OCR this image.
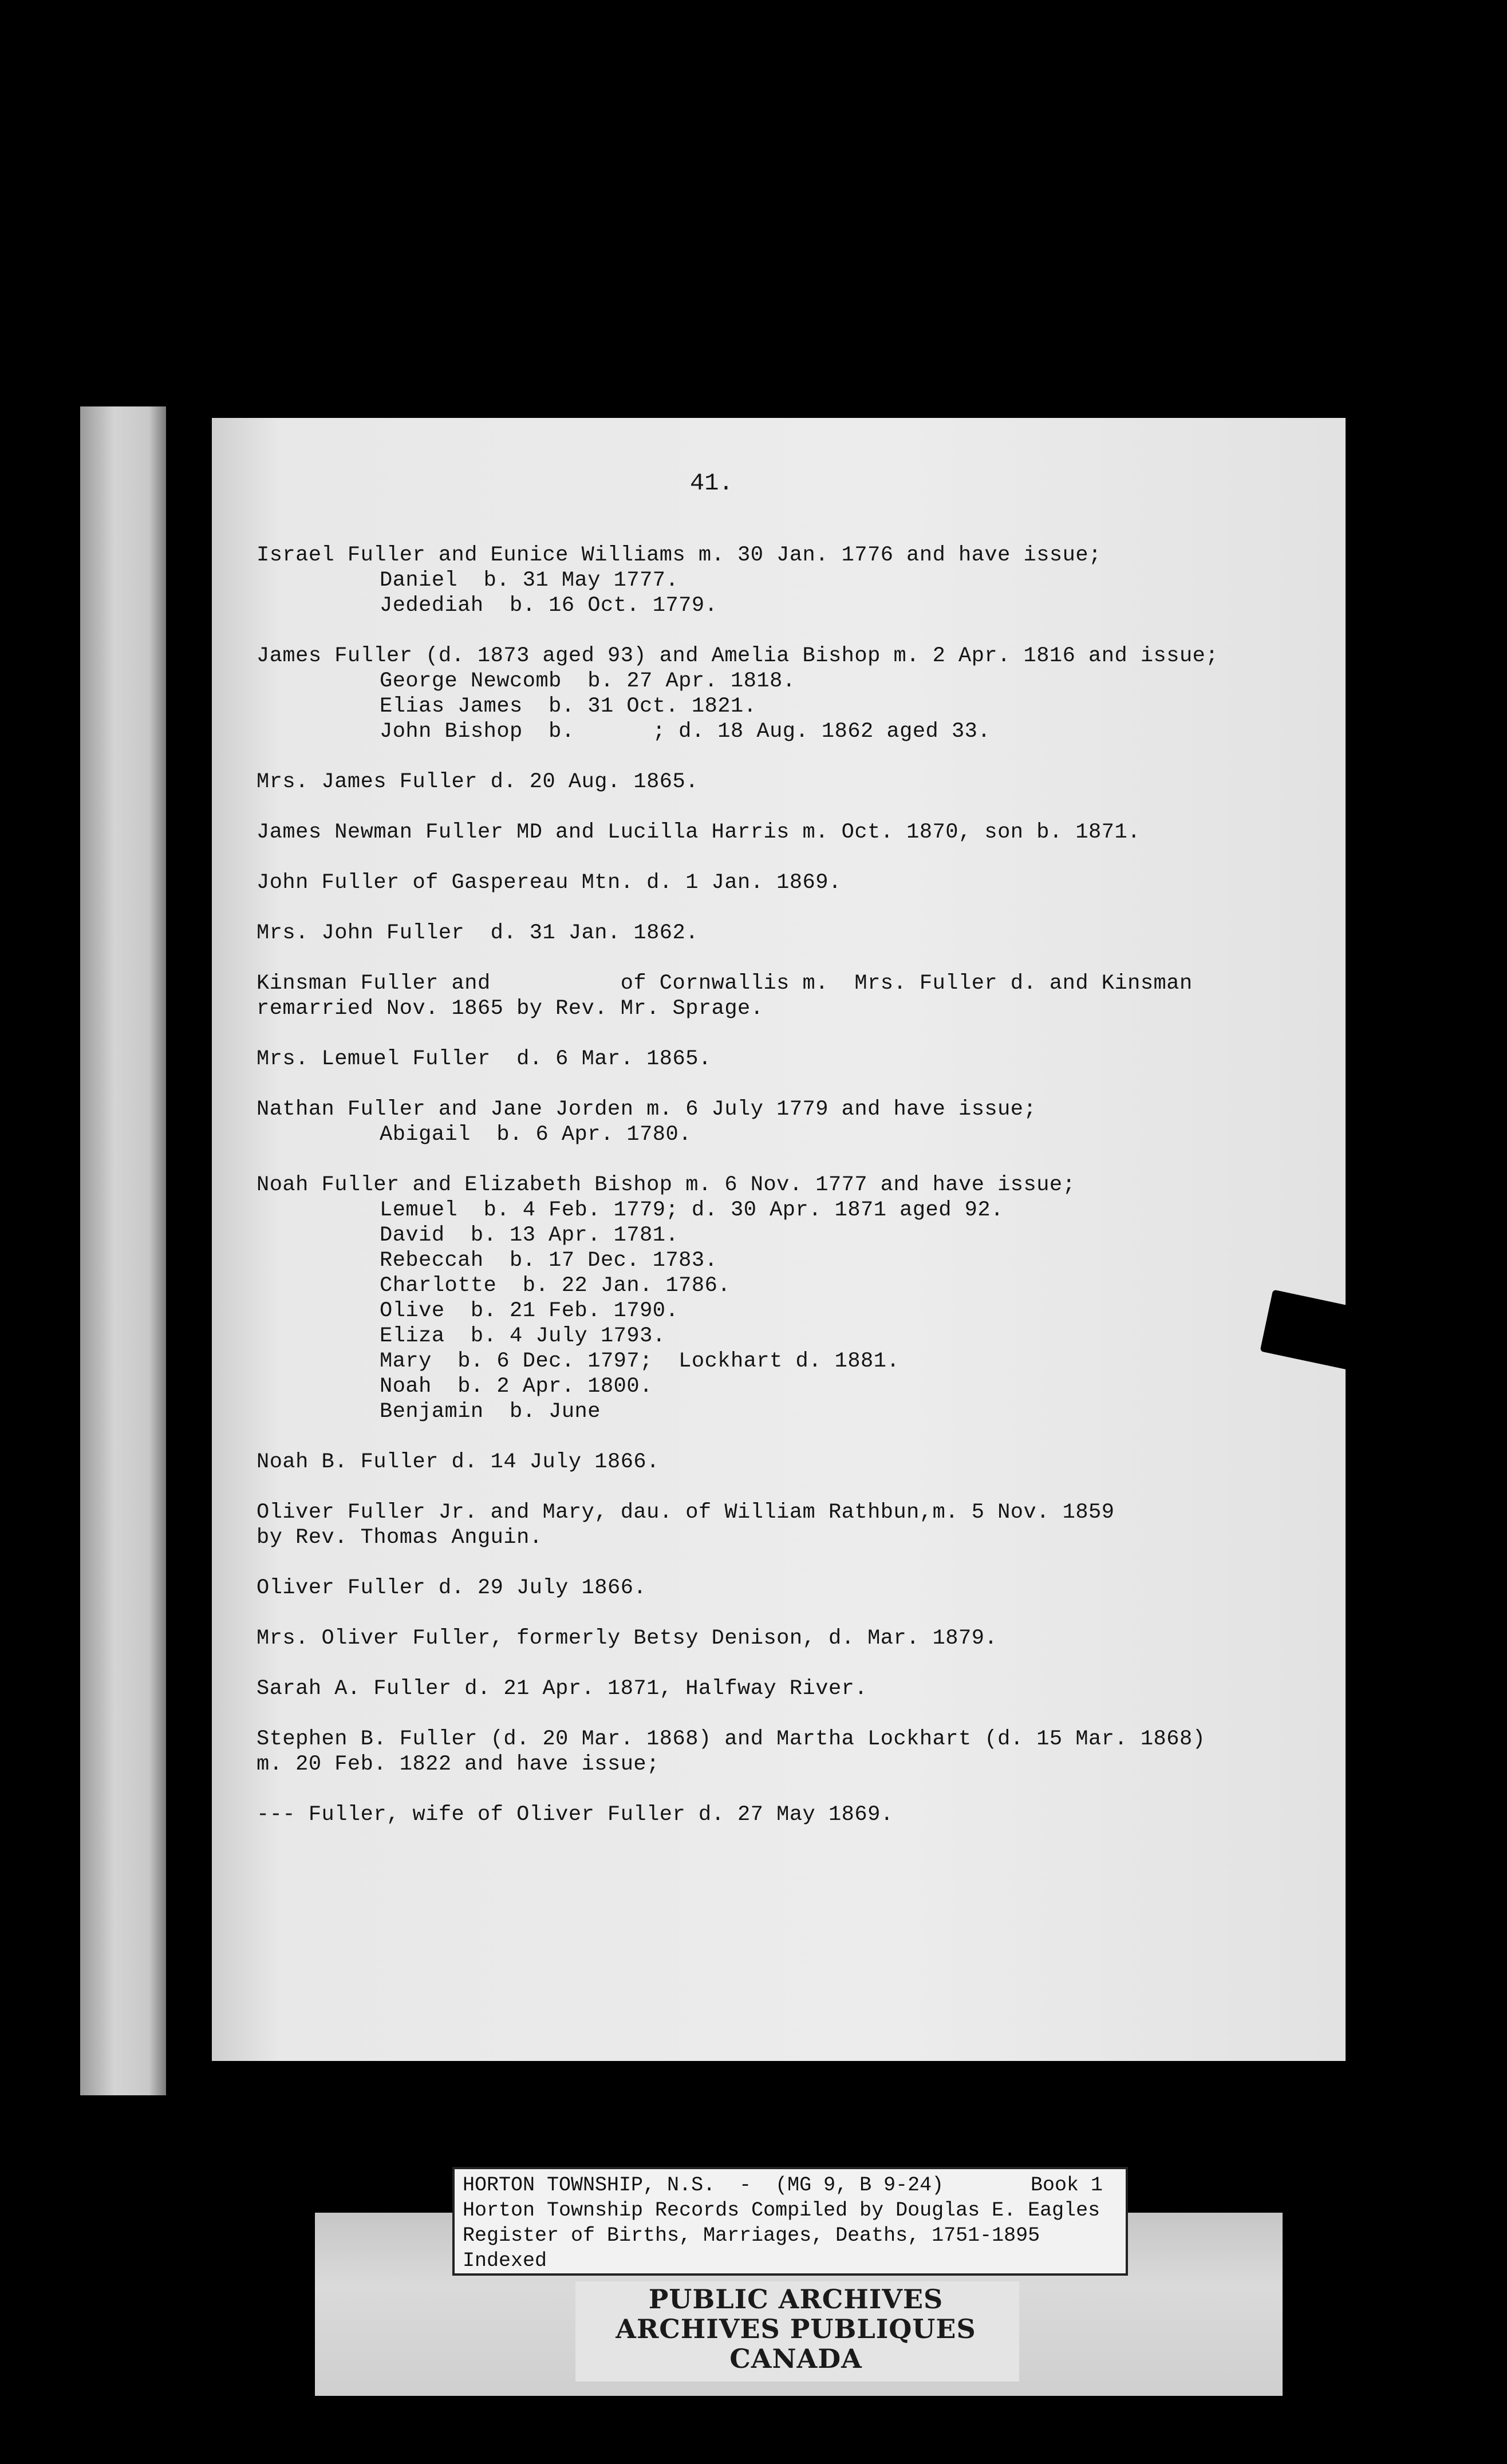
41.
Israel Fuller and Eunice Williams m. 30 Jan. 1776 and have issue;
Daniel  b. 31 May 1777.
Jedediah  b. 16 Oct. 1779.
James Fuller (d. 1873 aged 93) and Amelia Bishop m. 2 Apr. 1816 and issue;
George Newcomb  b. 27 Apr. 1818.
Elias James  b. 31 Oct. 1821.
John Bishop  b.      ; d. 18 Aug. 1862 aged 33.
Mrs. James Fuller d. 20 Aug. 1865.
James Newman Fuller MD and Lucilla Harris m. Oct. 1870, son b. 1871.
John Fuller of Gaspereau Mtn. d. 1 Jan. 1869.
Mrs. John Fuller  d. 31 Jan. 1862.
Kinsman Fuller and          of Cornwallis m.  Mrs. Fuller d. and Kinsman
remarried Nov. 1865 by Rev. Mr. Sprage.
Mrs. Lemuel Fuller  d. 6 Mar. 1865.
Nathan Fuller and Jane Jorden m. 6 July 1779 and have issue;
Abigail  b. 6 Apr. 1780.
Noah Fuller and Elizabeth Bishop m. 6 Nov. 1777 and have issue;
Lemuel  b. 4 Feb. 1779; d. 30 Apr. 1871 aged 92.
David  b. 13 Apr. 1781.
Rebeccah  b. 17 Dec. 1783.
Charlotte  b. 22 Jan. 1786.
Olive  b. 21 Feb. 1790.
Eliza  b. 4 July 1793.
Mary  b. 6 Dec. 1797;  Lockhart d. 1881.
Noah  b. 2 Apr. 1800.
Benjamin  b. June
Noah B. Fuller d. 14 July 1866.
Oliver Fuller Jr. and Mary, dau. of William Rathbun,m. 5 Nov. 1859
by Rev. Thomas Anguin.
Oliver Fuller d. 29 July 1866.
Mrs. Oliver Fuller, formerly Betsy Denison, d. Mar. 1879.
Sarah A. Fuller d. 21 Apr. 1871, Halfway River.
Stephen B. Fuller (d. 20 Mar. 1868) and Martha Lockhart (d. 15 Mar. 1868)
m. 20 Feb. 1822 and have issue;
--- Fuller, wife of Oliver Fuller d. 27 May 1869.
HORTON TOWNSHIP, N.S.  -  (MG 9, B 9-24)	Book 1
Horton Township Records Compiled by Douglas E. Eagles
Register of Births, Marriages, Deaths, 1751-1895
Indexed
PUBLIC ARCHIVES
ARCHIVES PUBLIQUES
CANADA
